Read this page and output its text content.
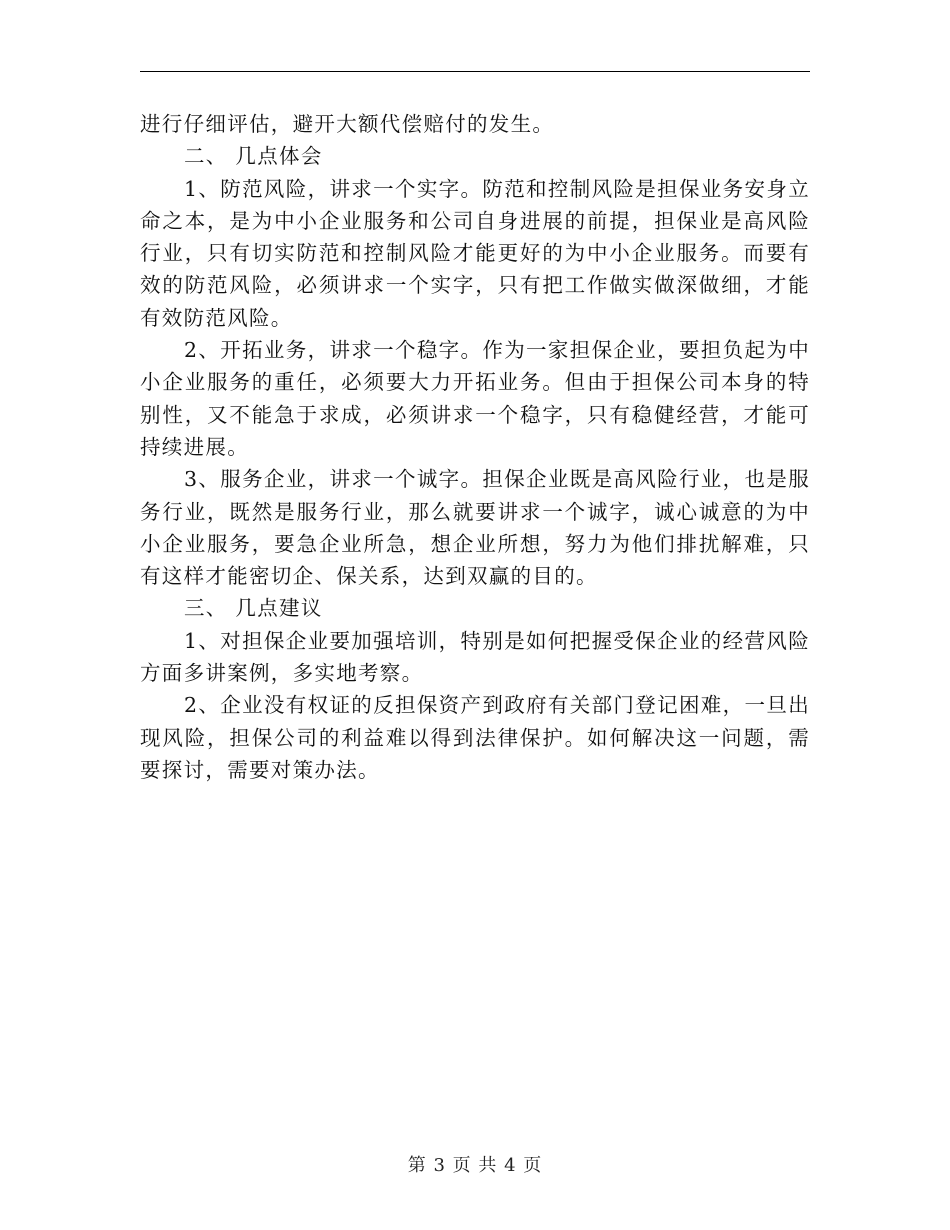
进行仔细评估，避开大额代偿赔付的发生。

二、 几点体会

1、防范风险，讲求一个实字。防范和控制风险是担保业务安身立命之本，是为中小企业服务和公司自身进展的前提，担保业是高风险行业，只有切实防范和控制风险才能更好的为中小企业服务。而要有效的防范风险，必须讲求一个实字，只有把工作做实做深做细，才能有效防范风险。

2、开拓业务，讲求一个稳字。作为一家担保企业，要担负起为中小企业服务的重任，必须要大力开拓业务。但由于担保公司本身的特别性，又不能急于求成，必须讲求一个稳字，只有稳健经营，才能可持续进展。

3、服务企业，讲求一个诚字。担保企业既是高风险行业，也是服务行业，既然是服务行业，那么就要讲求一个诚字，诚心诚意的为中小企业服务，要急企业所急，想企业所想，努力为他们排扰解难，只有这样才能密切企、保关系，达到双赢的目的。

三、 几点建议

1、对担保企业要加强培训，特别是如何把握受保企业的经营风险方面多讲案例，多实地考察。

2、企业没有权证的反担保资产到政府有关部门登记困难，一旦出现风险，担保公司的利益难以得到法律保护。如何解决这一问题，需要探讨，需要对策办法。

第 3 页 共 4 页
